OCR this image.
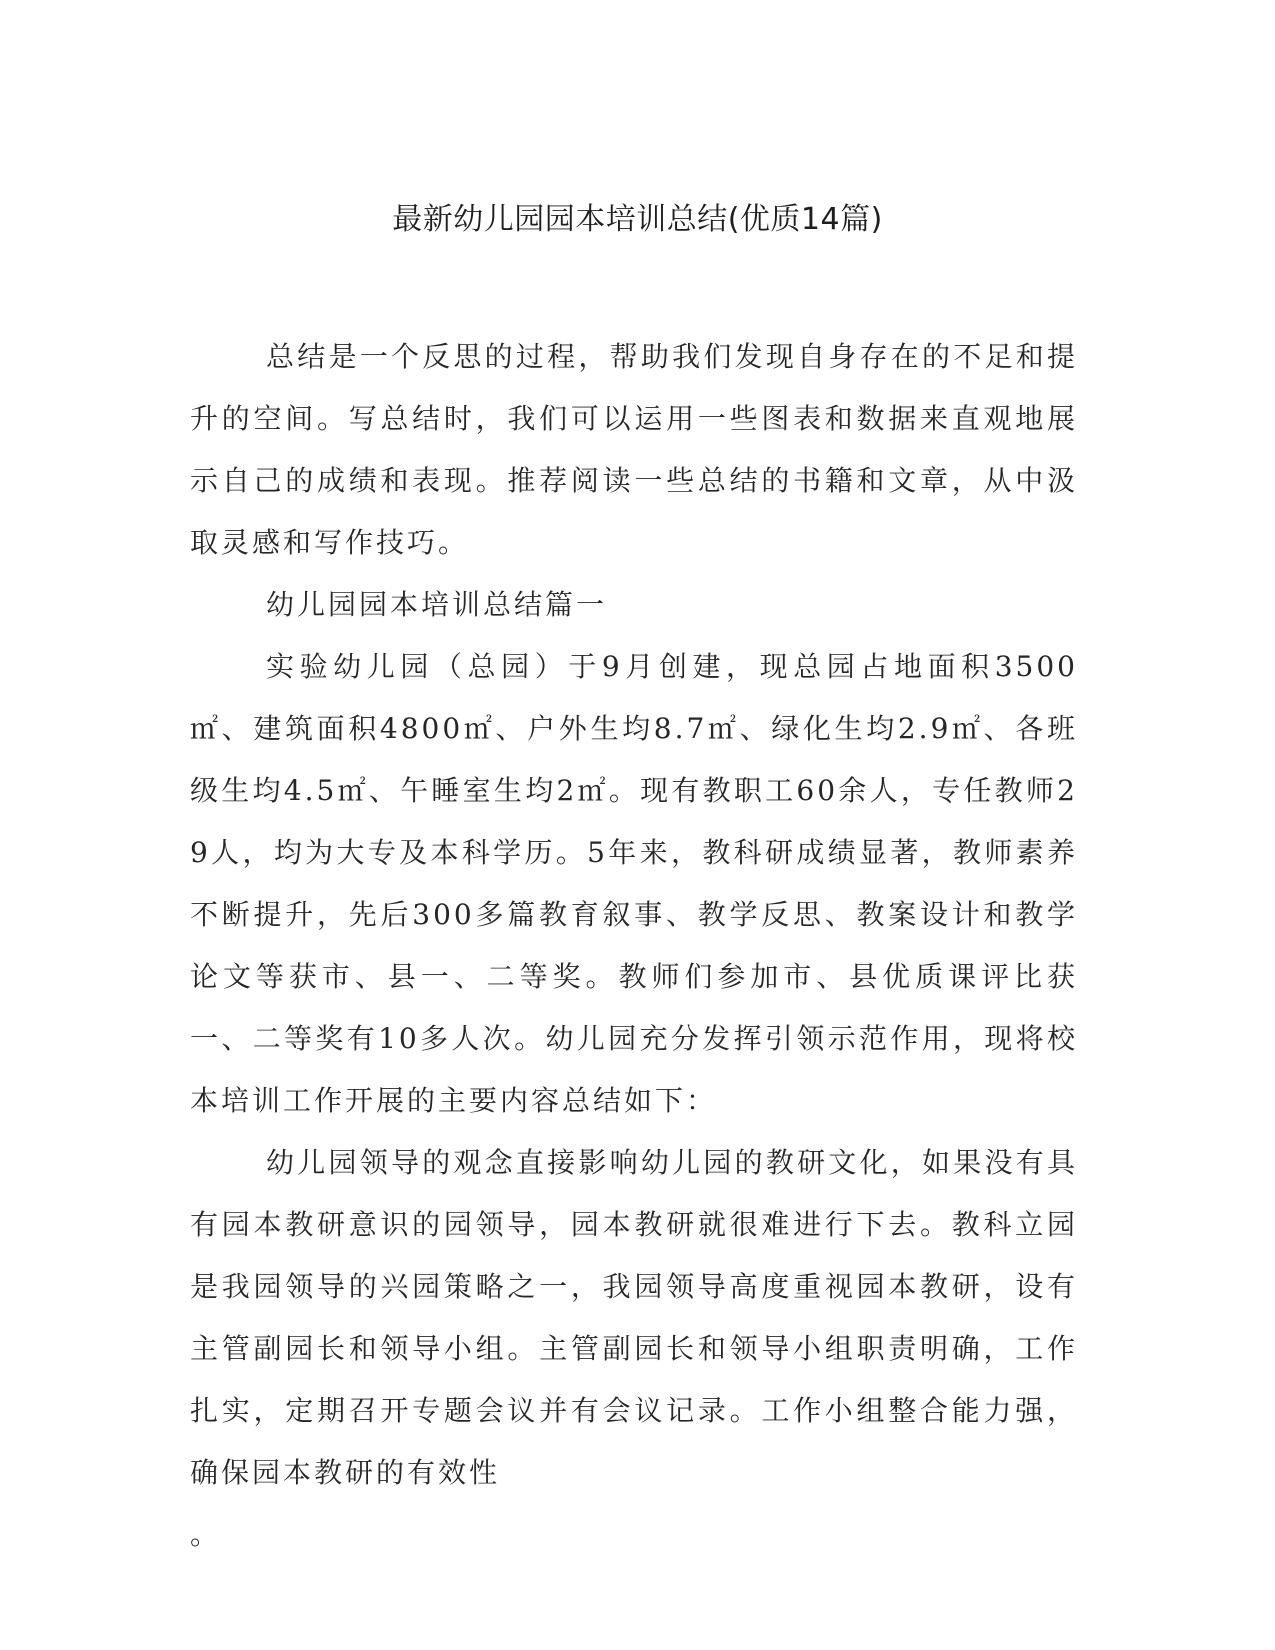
最新幼儿园园本培训总结(优质14篇)

总结是一个反思的过程，帮助我们发现自身存在的不足和提升的空间。写总结时，我们可以运用一些图表和数据来直观地展示自己的成绩和表现。推荐阅读一些总结的书籍和文章，从中汲取灵感和写作技巧。

幼儿园园本培训总结篇一

实验幼儿园（总园）于9月创建，现总园占地面积3500㎡、建筑面积4800㎡、户外生均8.7㎡、绿化生均2.9㎡、各班级生均4.5㎡、午睡室生均2㎡。现有教职工60余人，专任教师29人，均为大专及本科学历。5年来，教科研成绩显著，教师素养不断提升，先后300多篇教育叙事、教学反思、教案设计和教学论文等获市、县一、二等奖。教师们参加市、县优质课评比获一、二等奖有10多人次。幼儿园充分发挥引领示范作用，现将校本培训工作开展的主要内容总结如下：

幼儿园领导的观念直接影响幼儿园的教研文化，如果没有具有园本教研意识的园领导，园本教研就很难进行下去。教科立园是我园领导的兴园策略之一，我园领导高度重视园本教研，设有主管副园长和领导小组。主管副园长和领导小组职责明确，工作扎实，定期召开专题会议并有会议记录。工作小组整合能力强，确保园本教研的有效性

。
